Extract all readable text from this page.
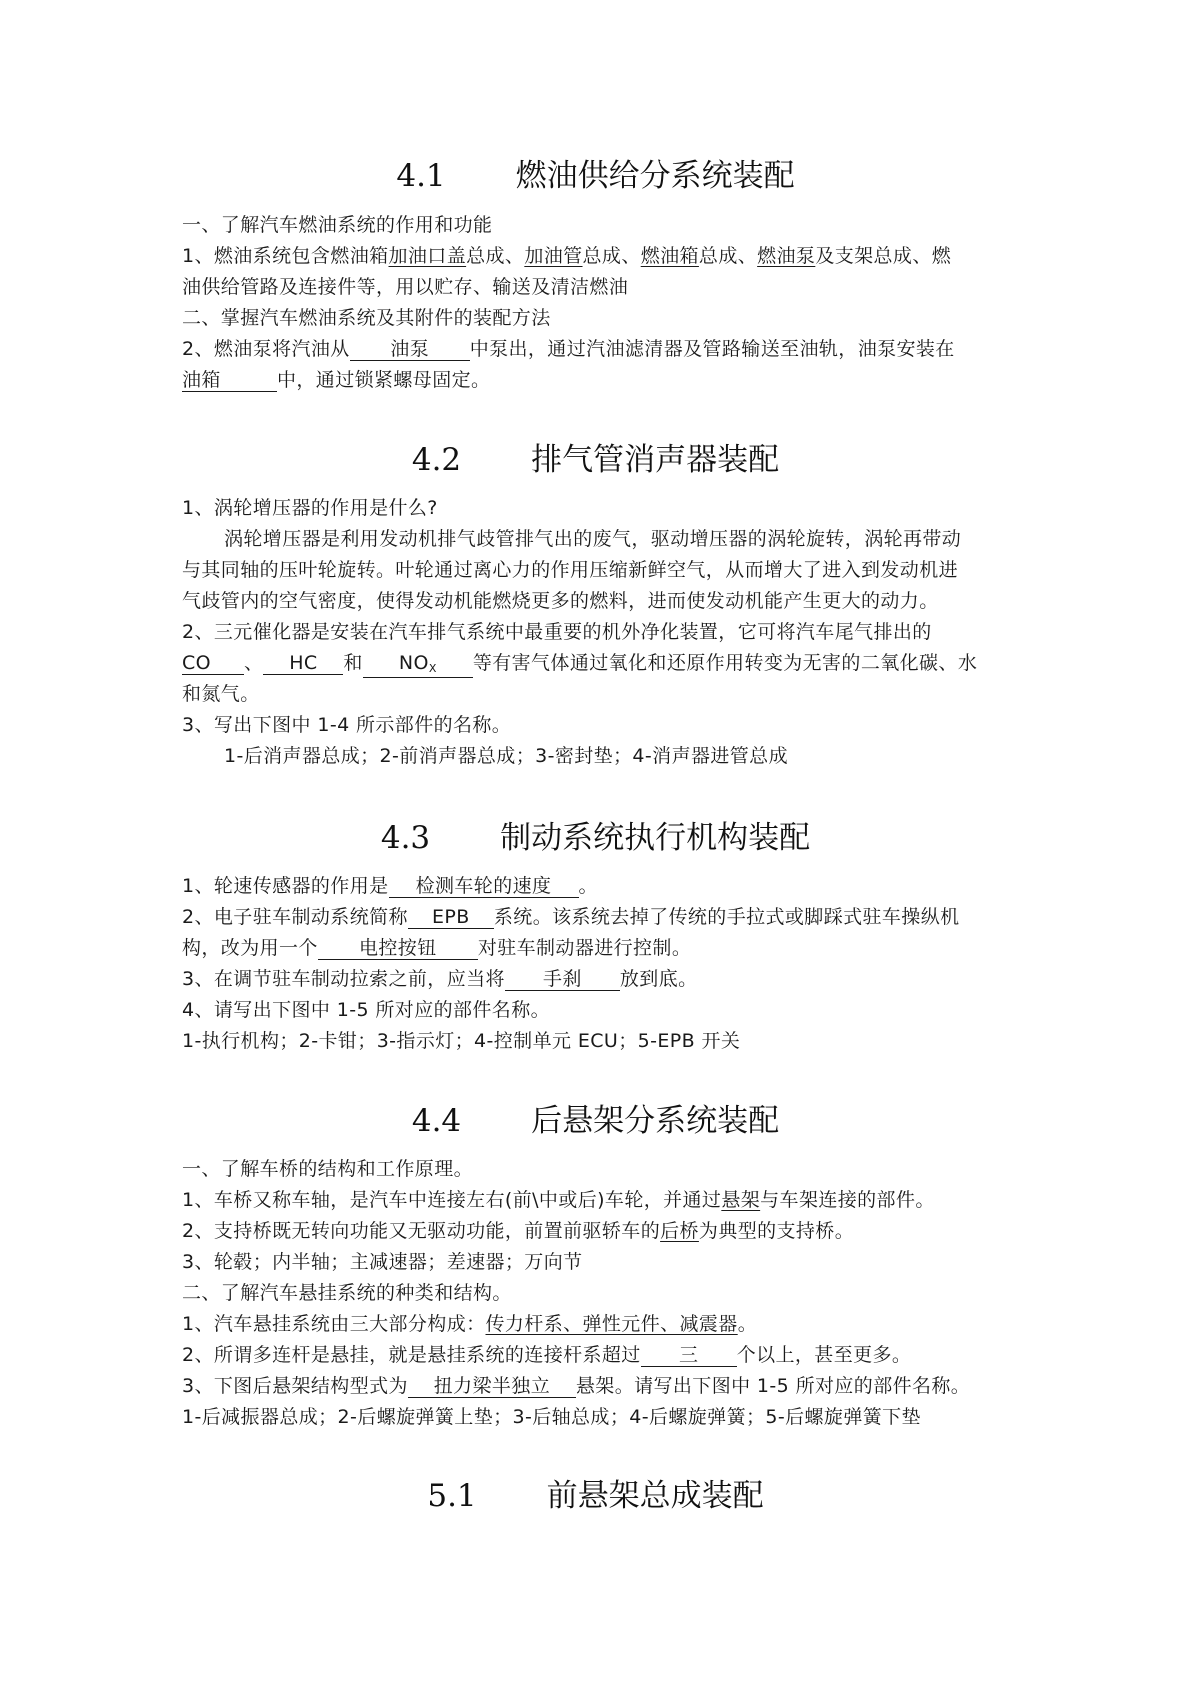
4.1 燃油供给分系统装配
一、了解汽车燃油系统的作用和功能
1、燃油系统包含燃油箱加油口盖总成、加油管总成、燃油箱总成、燃油泵及支架总成、燃
油供给管路及连接件等，用以贮存、输送及清洁燃油
二、掌握汽车燃油系统及其附件的装配方法
2、燃油泵将汽油从 油泵 中泵出，通过汽油滤清器及管路输送至油轨，油泵安装在
油箱	中，通过锁紧螺母固定。
4.2 排气管消声器装配
1、涡轮增压器的作用是什么?
涡轮增压器是利用发动机排气歧管排气出的废气，驱动增压器的涡轮旋转，涡轮再带动
与其同轴的压叶轮旋转。叶轮通过离心力的作用压缩新鲜空气，从而增大了进入到发动机进
气歧管内的空气密度，使得发动机能燃烧更多的燃料，进而使发动机能产生更大的动力。
2、三元催化器是安装在汽车排气系统中最重要的机外净化装置，它可将汽车尾气排出的
CO 、 HC 和 $NO_X$ 等有害气体通过氧化和还原作用转变为无害的二氧化碳、水
和氮气。
3、写出下图中 1-4 所示部件的名称。
1-后消声器总成；2-前消声器总成；3-密封垫；4-消声器进管总成
4.3 制动系统执行机构装配
1、轮速传感器的作用是 检测车轮的速度 。
2、电子驻车制动系统简称 EPB 系统。该系统去掉了传统的手拉式或脚踩式驻车操纵机
构，改为用一个 电控按钮 对驻车制动器进行控制。
3、在调节驻车制动拉索之前，应当将 手刹 放到底。
4、请写出下图中 1-5 所对应的部件名称。
1-执行机构；2-卡钳；3-指示灯；4-控制单元 ECU；5-EPB 开关
4.4 后悬架分系统装配
一、了解车桥的结构和工作原理。
1、车桥又称车轴，是汽车中连接左右(前\中或后)车轮，并通过悬架与车架连接的部件。
2、支持桥既无转向功能又无驱动功能，前置前驱轿车的后桥为典型的支持桥。
3、轮毂；内半轴；主减速器；差速器；万向节
二、了解汽车悬挂系统的种类和结构。
1、汽车悬挂系统由三大部分构成：传力杆系、弹性元件、减震器。
2、所谓多连杆是悬挂，就是悬挂系统的连接杆系超过 三 个以上，甚至更多。
3、下图后悬架结构型式为 扭力梁半独立 悬架。请写出下图中 1-5 所对应的部件名称。
1-后减振器总成；2-后螺旋弹簧上垫；3-后轴总成；4-后螺旋弹簧；5-后螺旋弹簧下垫
5.1 前悬架总成装配
